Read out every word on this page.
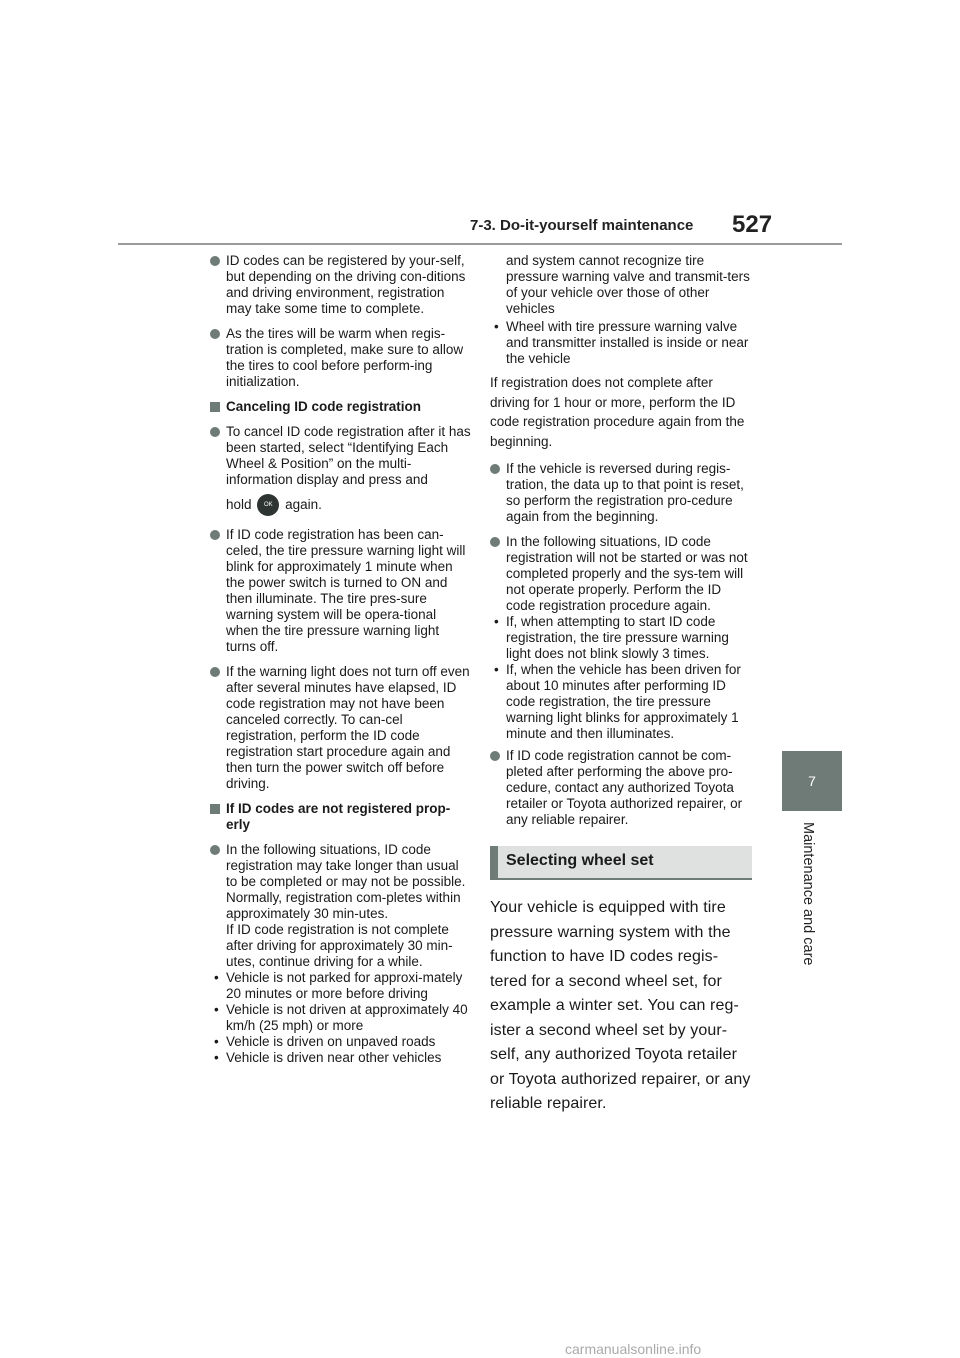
7-3. Do-it-yourself maintenance 527
7
Maintenance and care
ID codes can be registered by your-self, but depending on the driving con-ditions and driving environment, registration may take some time to complete.
As the tires will be warm when regis-tration is completed, make sure to allow the tires to cool before perform-ing initialization.
Canceling ID code registration
To cancel ID code registration after it has been started, select “Identifying Each Wheel & Position” on the multi-information display and press and
hold OK again.
If ID code registration has been can-celed, the tire pressure warning light will blink for approximately 1 minute when the power switch is turned to ON and then illuminate. The tire pres-sure warning system will be opera-tional when the tire pressure warning light turns off.
If the warning light does not turn off even after several minutes have elapsed, ID code registration may not have been canceled correctly. To can-cel registration, perform the ID code registration start procedure again and then turn the power switch off before driving.
If ID codes are not registered prop-erly
In the following situations, ID code registration may take longer than usual to be completed or may not be possible. Normally, registration com-pletes within approximately 30 min-utes.
If ID code registration is not complete after driving for approximately 30 min-utes, continue driving for a while.
• Vehicle is not parked for approxi-mately 20 minutes or more before driving
• Vehicle is not driven at approximately 40 km/h (25 mph) or more
• Vehicle is driven on unpaved roads
• Vehicle is driven near other vehicles
and system cannot recognize tire pressure warning valve and transmit-ters of your vehicle over those of other vehicles
• Wheel with tire pressure warning valve and transmitter installed is inside or near the vehicle
If registration does not complete after driving for 1 hour or more, perform the ID code registration procedure again from the beginning.
If the vehicle is reversed during regis-tration, the data up to that point is reset, so perform the registration pro-cedure again from the beginning.
In the following situations, ID code registration will not be started or was not completed properly and the sys-tem will not operate properly. Perform the ID code registration procedure again.
• If, when attempting to start ID code registration, the tire pressure warning light does not blink slowly 3 times.
• If, when the vehicle has been driven for about 10 minutes after performing ID code registration, the tire pressure warning light blinks for approximately 1 minute and then illuminates.
If ID code registration cannot be com-pleted after performing the above pro-cedure, contact any authorized Toyota retailer or Toyota authorized repairer, or any reliable repairer.
Selecting wheel set
Your vehicle is equipped with tire pressure warning system with the function to have ID codes regis-tered for a second wheel set, for example a winter set. You can reg-ister a second wheel set by your-self, any authorized Toyota retailer or Toyota authorized repairer, or any reliable repairer.
carmanualsonline.info
